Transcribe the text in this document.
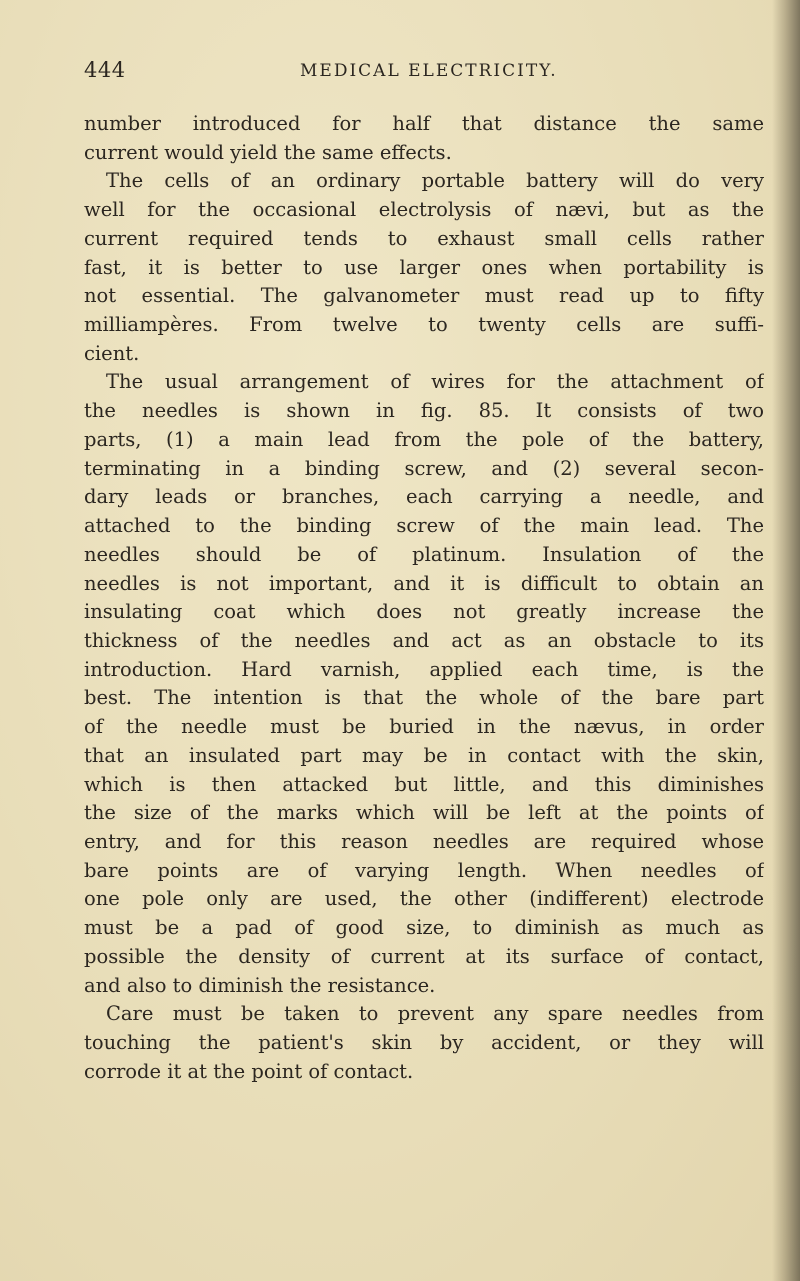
444	MEDICAL ELECTRICITY.
number introduced for half that distance the same
current would yield the same effects.
The cells of an ordinary portable battery will do very
well for the occasional electrolysis of nævi, but as the
current required tends to exhaust small cells rather
fast, it is better to use larger ones when portability is
not essential. The galvanometer must read up to fifty
milliampères. From twelve to twenty cells are suffi-
cient.
The usual arrangement of wires for the attachment of
the needles is shown in fig. 85. It consists of two
parts, (1) a main lead from the pole of the battery,
terminating in a binding screw, and (2) several secon-
dary leads or branches, each carrying a needle, and
attached to the binding screw of the main lead. The
needles should be of platinum. Insulation of the
needles is not important, and it is difficult to obtain an
insulating coat which does not greatly increase the
thickness of the needles and act as an obstacle to its
introduction. Hard varnish, applied each time, is the
best. The intention is that the whole of the bare part
of the needle must be buried in the nævus, in order
that an insulated part may be in contact with the skin,
which is then attacked but little, and this diminishes
the size of the marks which will be left at the points of
entry, and for this reason needles are required whose
bare points are of varying length. When needles of
one pole only are used, the other (indifferent) electrode
must be a pad of good size, to diminish as much as
possible the density of current at its surface of contact,
and also to diminish the resistance.
Care must be taken to prevent any spare needles from
touching the patient's skin by accident, or they will
corrode it at the point of contact.
